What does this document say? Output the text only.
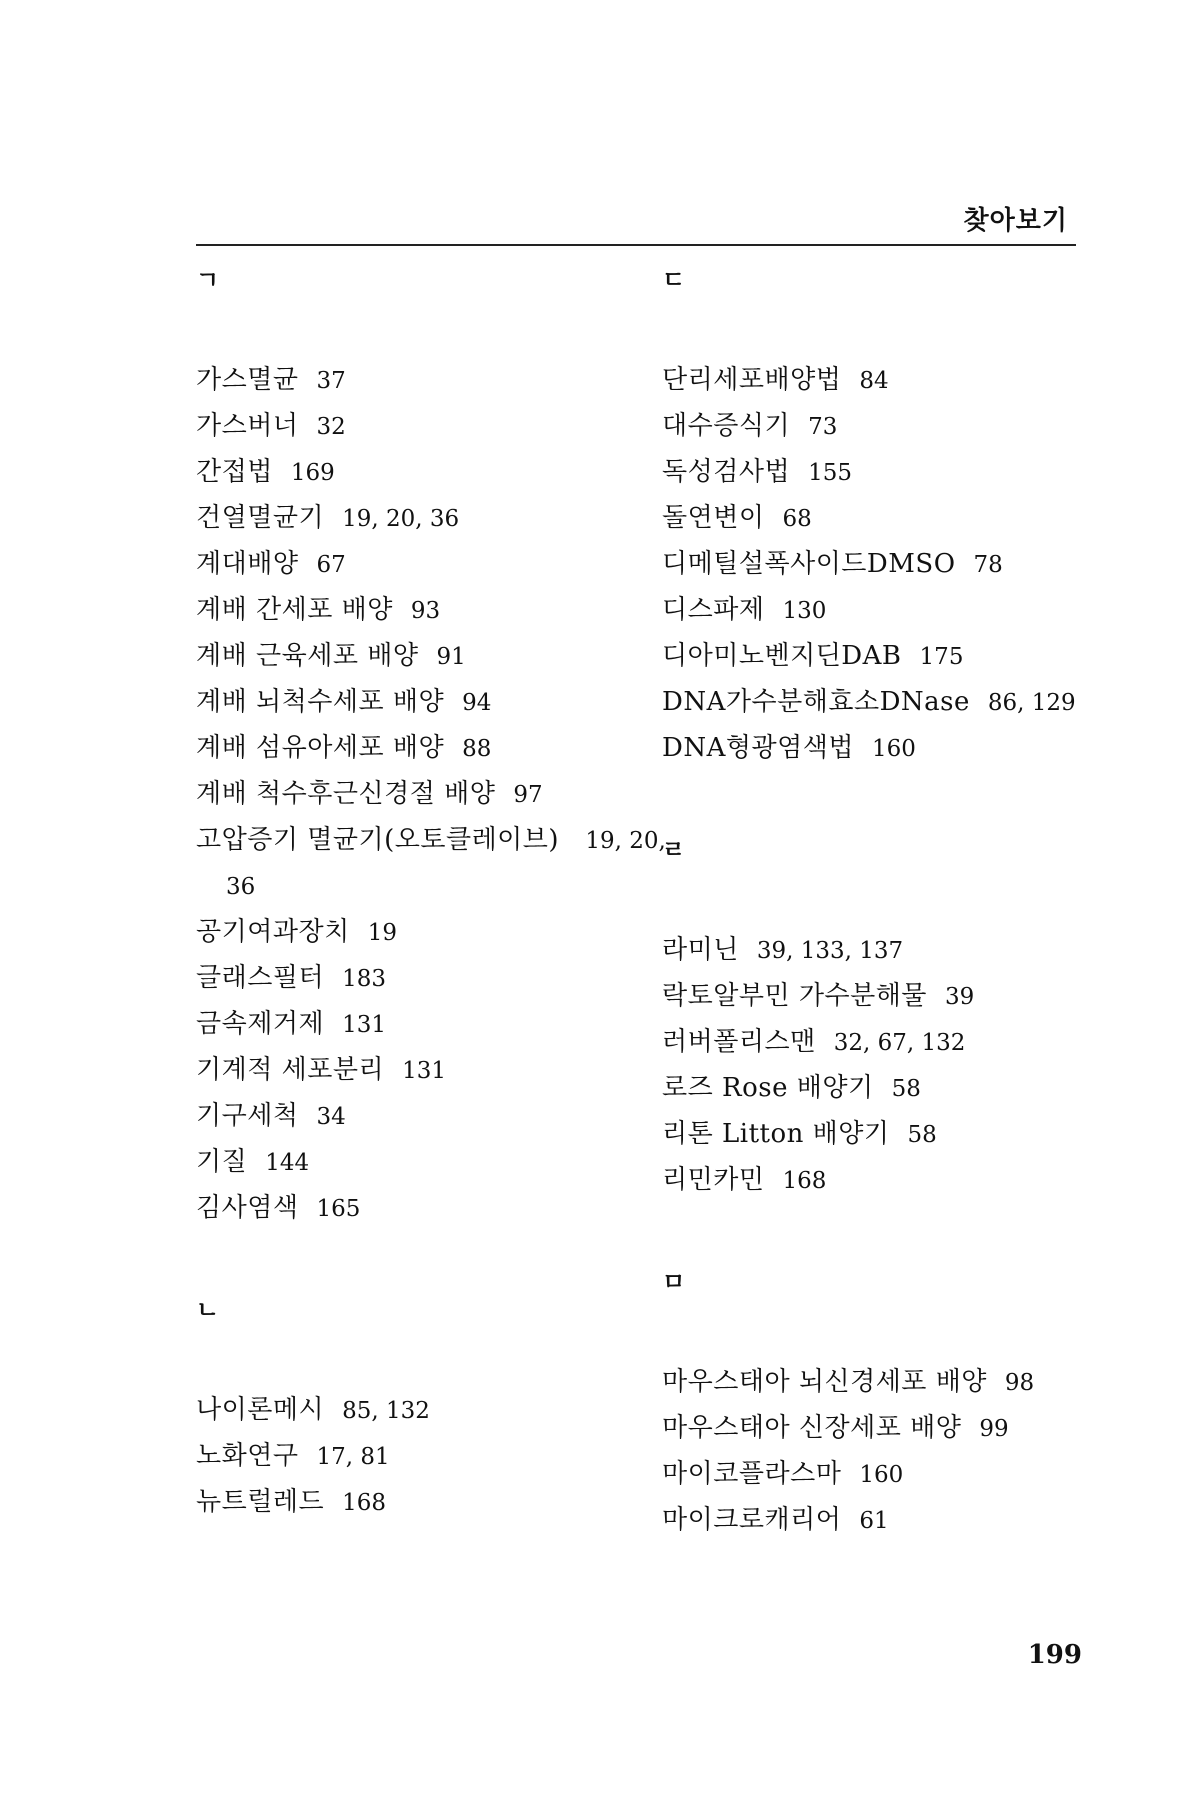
찾아보기
ㄱ
가스멸균 37
가스버너 32
간접법 169
건열멸균기 19, 20, 36
계대배양 67
계배 간세포 배양 93
계배 근육세포 배양 91
계배 뇌척수세포 배양 94
계배 섬유아세포 배양 88
계배 척수후근신경절 배양 97
고압증기 멸균기(오토클레이브) 19, 20, 36
공기여과장치 19
글래스필터 183
금속제거제 131
기계적 세포분리 131
기구세척 34
기질 144
김사염색 165
ㄴ
나이론메시 85, 132
노화연구 17, 81
뉴트럴레드 168
ㄷ
단리세포배양법 84
대수증식기 73
독성검사법 155
돌연변이 68
디메틸설폭사이드DMSO 78
디스파제 130
디아미노벤지딘DAB 175
DNA가수분해효소DNase 86, 129
DNA형광염색법 160
ㄹ
라미닌 39, 133, 137
락토알부민 가수분해물 39
러버폴리스맨 32, 67, 132
로즈 Rose 배양기 58
리톤 Litton 배양기 58
리민카민 168
ㅁ
마우스태아 뇌신경세포 배양 98
마우스태아 신장세포 배양 99
마이코플라스마 160
마이크로캐리어 61
199
